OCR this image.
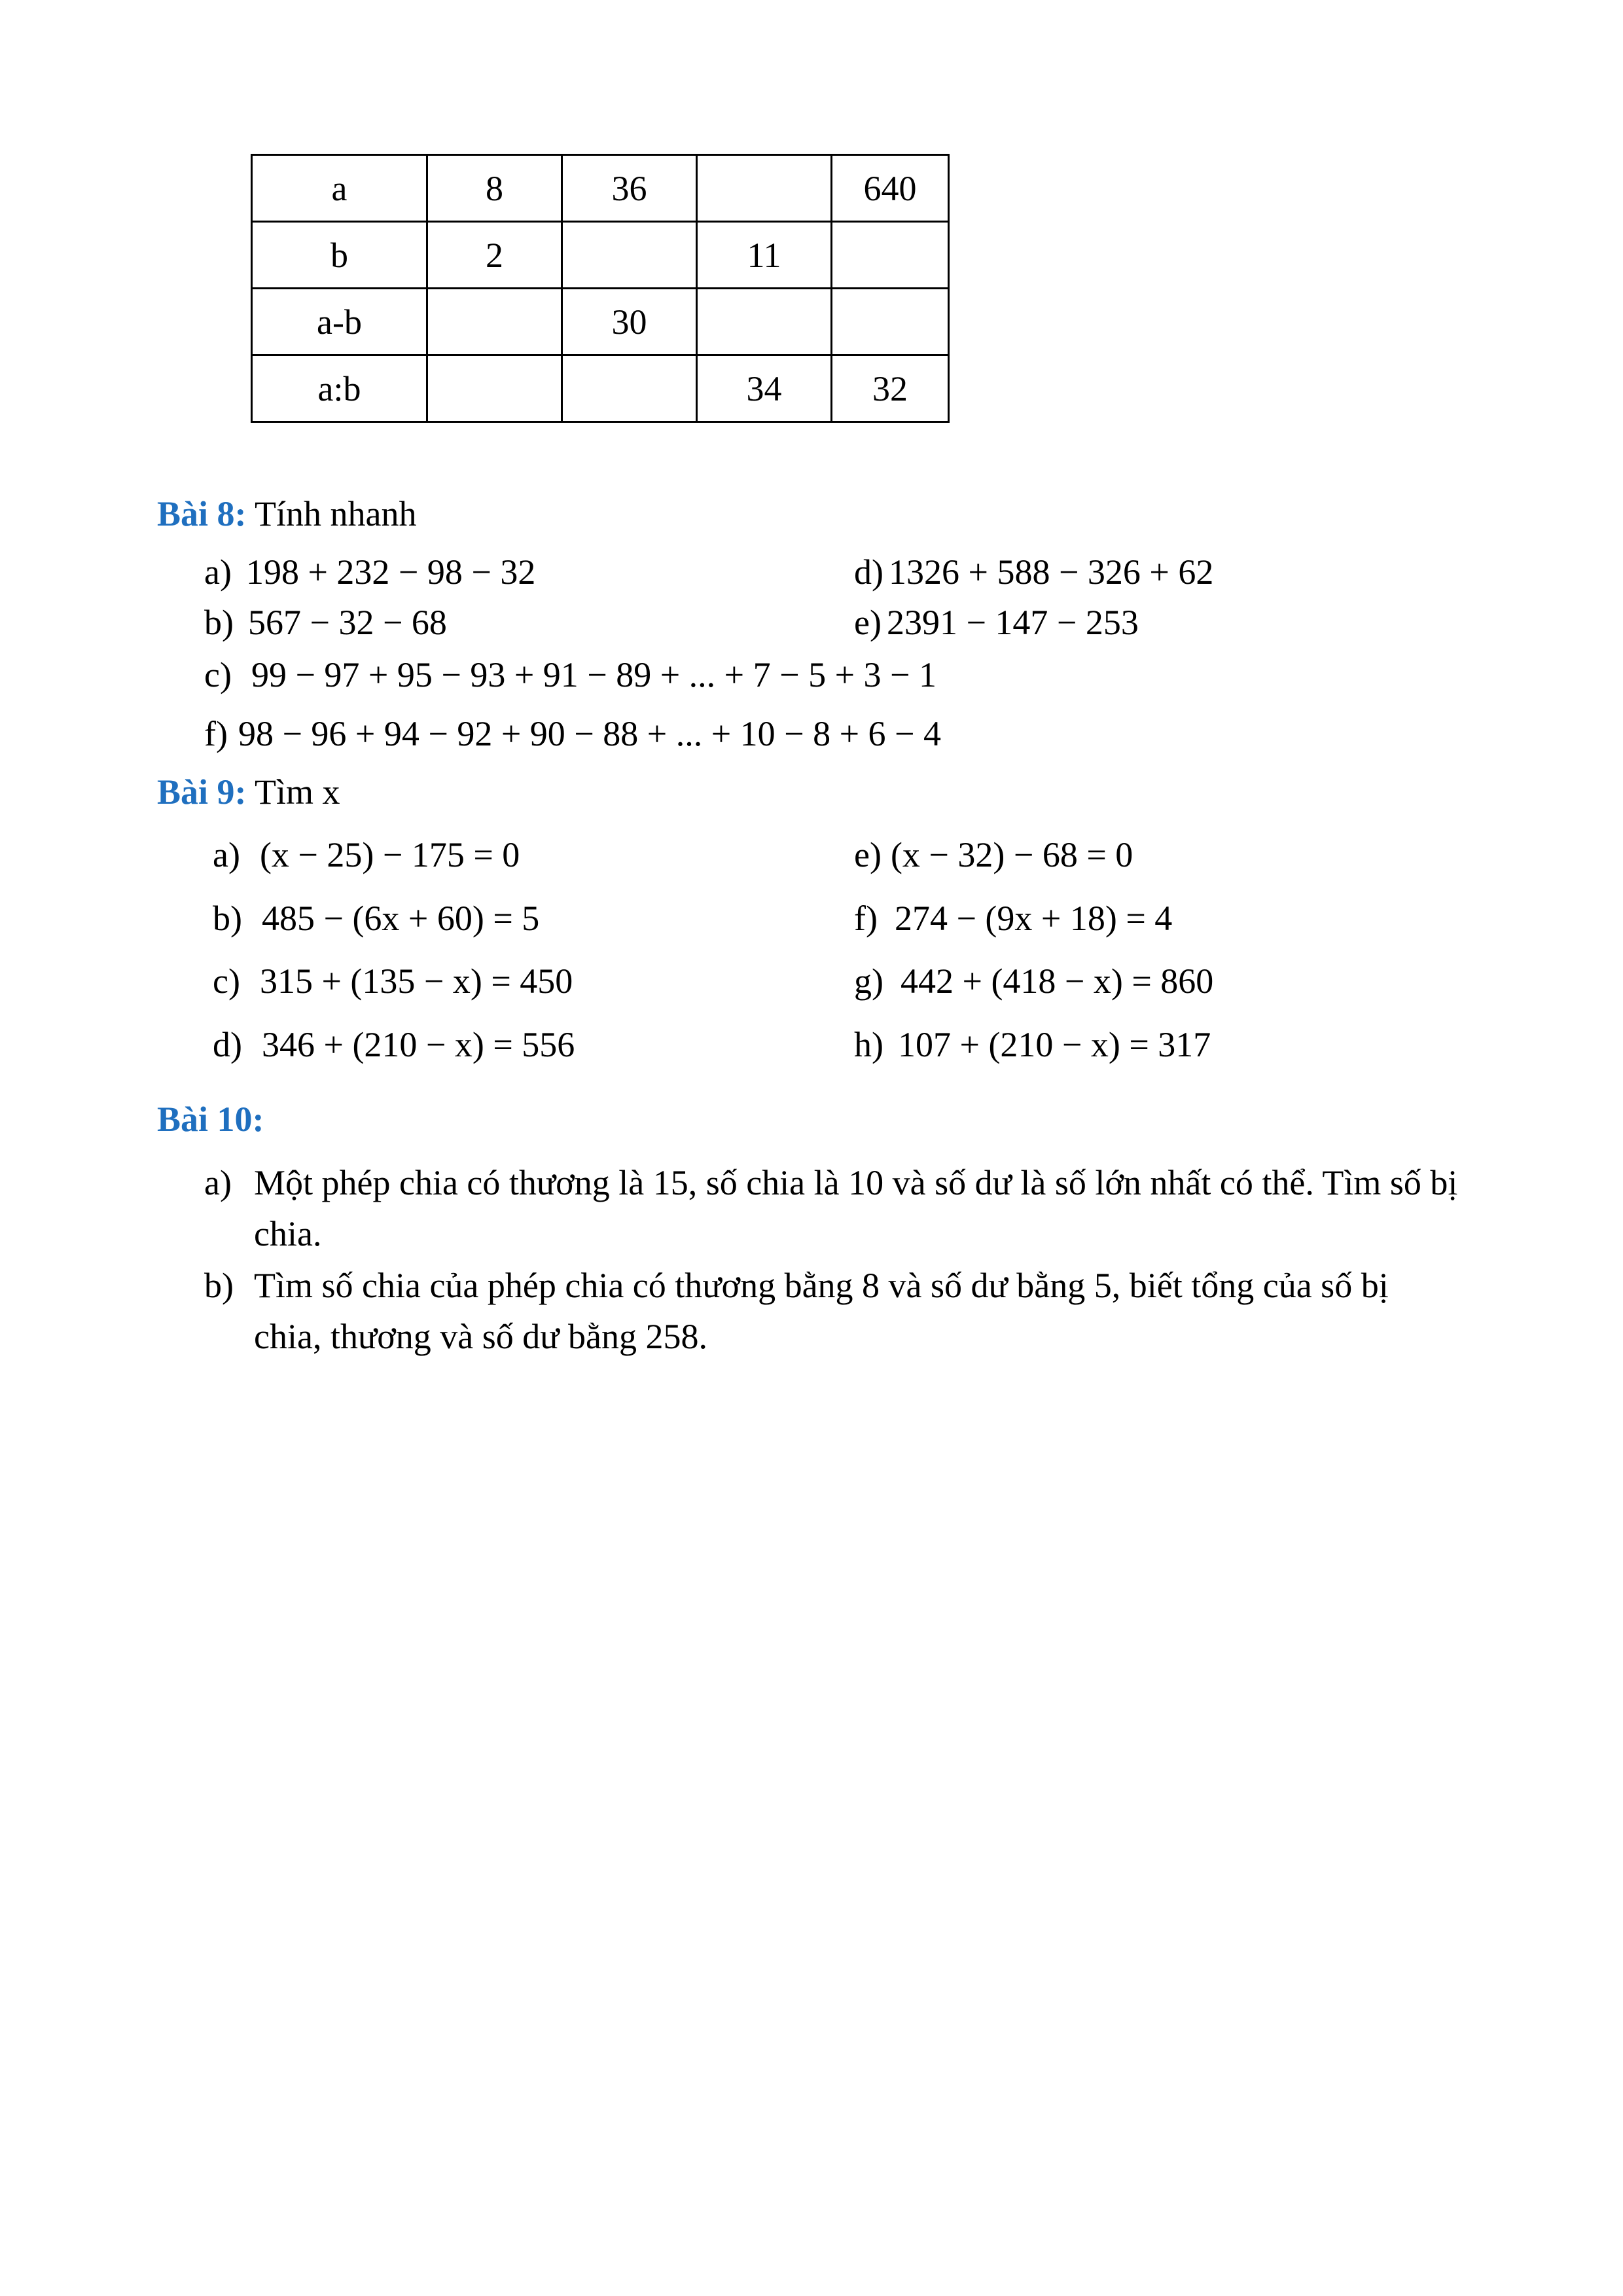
a	8	36		640
b	2		11	
a-b		30		
a:b			34	32
Bài 8: Tính nhanh
a) 198 + 232 − 98 − 32	d) 1326 + 588 − 326 + 62
b) 567 − 32 − 68	e) 2391 − 147 − 253
c) 99 − 97 + 95 − 93 + 91 − 89 + ... + 7 − 5 + 3 − 1
f) 98 − 96 + 94 − 92 + 90 − 88 + ... + 10 − 8 + 6 − 4
Bài 9: Tìm x
a) (x − 25) − 175 = 0	e) (x − 32) − 68 = 0
b) 485 − (6x + 60) = 5	f) 274 − (9x + 18) = 4
c) 315 + (135 − x) = 450	g) 442 + (418 − x) = 860
d) 346 + (210 − x) = 556	h) 107 + (210 − x) = 317
Bài 10:
a) Một phép chia có thương là 15, số chia là 10 và số dư là số lớn nhất có thể. Tìm số bị chia.
b) Tìm số chia của phép chia có thương bằng 8 và số dư bằng 5, biết tổng của số bị chia, thương và số dư bằng 258.
